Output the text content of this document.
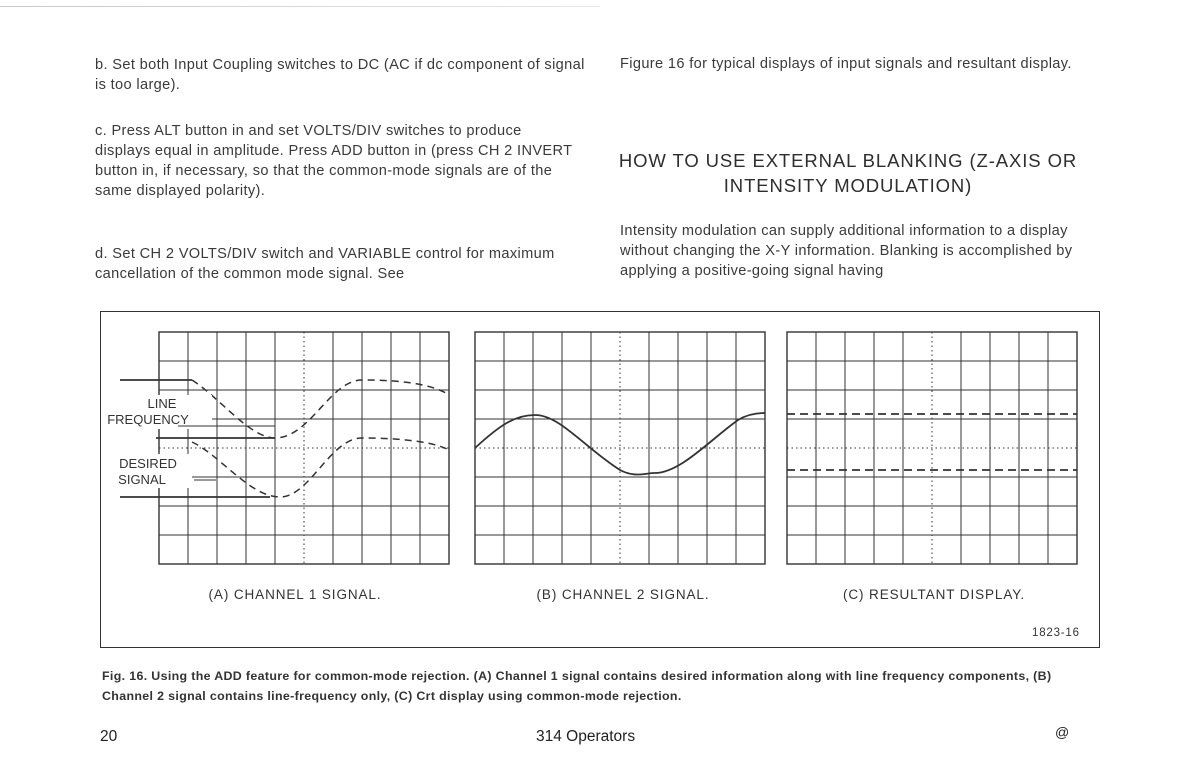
b. Set both Input Coupling switches to DC (AC if dc component of signal is too large).

c. Press ALT button in and set VOLTS/DIV switches to produce displays equal in amplitude. Press ADD button in (press CH 2 INVERT button in, if necessary, so that the common-mode signals are of the same displayed polarity).

d. Set CH 2 VOLTS/DIV switch and VARIABLE control for maximum cancellation of the common mode signal. See

Figure 16 for typical displays of input signals and resultant display.

HOW TO USE EXTERNAL BLANKING (Z-AXIS OR INTENSITY MODULATION)

Intensity modulation can supply additional information to a display without changing the X-Y information. Blanking is accomplished by applying a positive-going signal having

LINE
FREQUENCY
DESIRED
SIGNAL
(A) CHANNEL 1 SIGNAL.	(B) CHANNEL 2 SIGNAL.	(C) RESULTANT DISPLAY.
1823-16

Fig. 16. Using the ADD feature for common-mode rejection. (A) Channel 1 signal contains desired information along with line frequency components, (B) Channel 2 signal contains line-frequency only, (C) Crt display using common-mode rejection.

20	314 Operators	@
